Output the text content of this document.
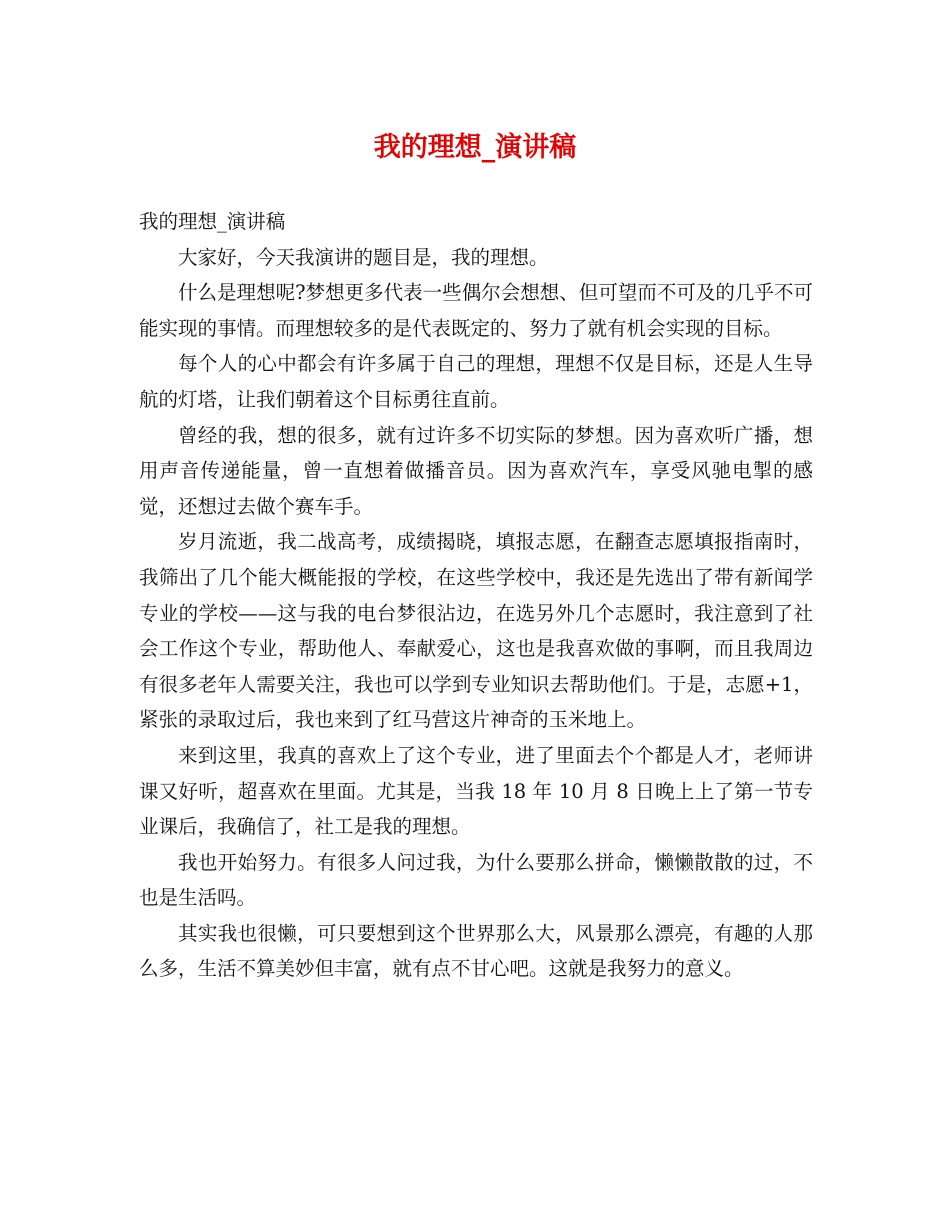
我的理想_演讲稿

我的理想_演讲稿

大家好，今天我演讲的题目是，我的理想。

什么是理想呢?梦想更多代表一些偶尔会想想、但可望而不可及的几乎不可能实现的事情。而理想较多的是代表既定的、努力了就有机会实现的目标。

每个人的心中都会有许多属于自己的理想，理想不仅是目标，还是人生导航的灯塔，让我们朝着这个目标勇往直前。

曾经的我，想的很多，就有过许多不切实际的梦想。因为喜欢听广播，想用声音传递能量，曾一直想着做播音员。因为喜欢汽车，享受风驰电掣的感觉，还想过去做个赛车手。

岁月流逝，我二战高考，成绩揭晓，填报志愿，在翻查志愿填报指南时，我筛出了几个能大概能报的学校，在这些学校中，我还是先选出了带有新闻学专业的学校——这与我的电台梦很沾边，在选另外几个志愿时，我注意到了社会工作这个专业，帮助他人、奉献爱心，这也是我喜欢做的事啊，而且我周边有很多老年人需要关注，我也可以学到专业知识去帮助他们。于是，志愿+1，紧张的录取过后，我也来到了红马营这片神奇的玉米地上。

来到这里，我真的喜欢上了这个专业，进了里面去个个都是人才，老师讲课又好听，超喜欢在里面。尤其是，当我 18 年 10 月 8 日晚上上了第一节专业课后，我确信了，社工是我的理想。

我也开始努力。有很多人问过我，为什么要那么拼命，懒懒散散的过，不也是生活吗。

其实我也很懒，可只要想到这个世界那么大，风景那么漂亮，有趣的人那么多，生活不算美妙但丰富，就有点不甘心吧。这就是我努力的意义。
